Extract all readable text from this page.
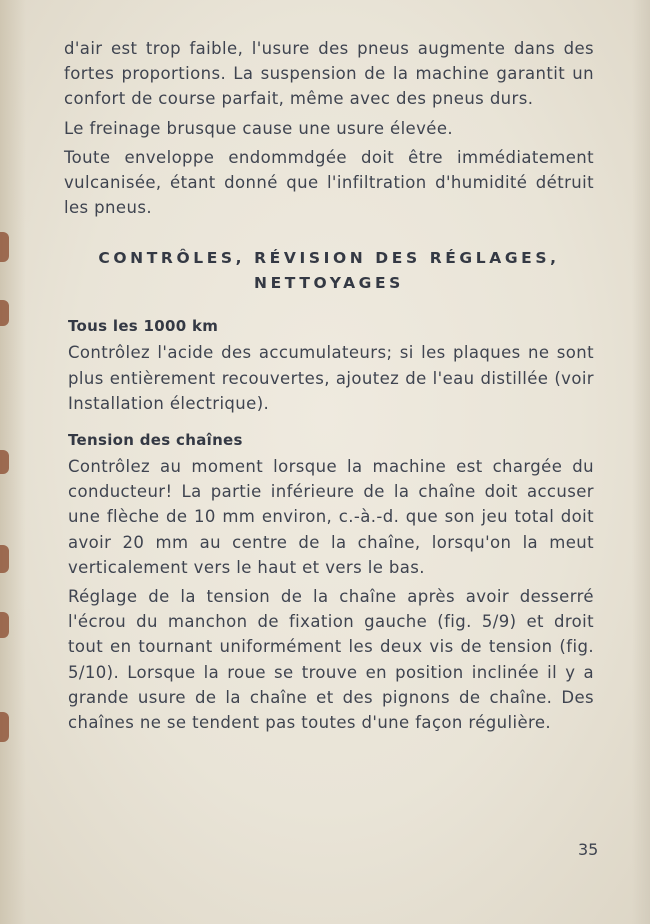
d'air est trop faible, l'usure des pneus augmente dans des fortes proportions. La suspension de la machine garantit un confort de course parfait, même avec des pneus durs.

Le freinage brusque cause une usure élevée.

Toute enveloppe endommdgée doit être immédiatement vulcanisée, étant donné que l'infiltration d'humidité détruit les pneus.

CONTRÔLES, RÉVISION DES RÉGLAGES,
NETTOYAGES
Tous les 1000 km

Contrôlez l'acide des accumulateurs; si les plaques ne sont plus entièrement recouvertes, ajoutez de l'eau distillée (voir Installation électrique).

Tension des chaînes

Contrôlez au moment lorsque la machine est chargée du conducteur! La partie inférieure de la chaîne doit accuser une flèche de 10 mm environ, c.-à.-d. que son jeu total doit avoir 20 mm au centre de la chaîne, lorsqu'on la meut verticalement vers le haut et vers le bas.

Réglage de la tension de la chaîne après avoir desserré l'écrou du manchon de fixation gauche (fig. 5/9) et droit tout en tournant uniformément les deux vis de tension (fig. 5/10). Lorsque la roue se trouve en position inclinée il y a grande usure de la chaîne et des pignons de chaîne. Des chaînes ne se tendent pas toutes d'une façon régulière.

35
